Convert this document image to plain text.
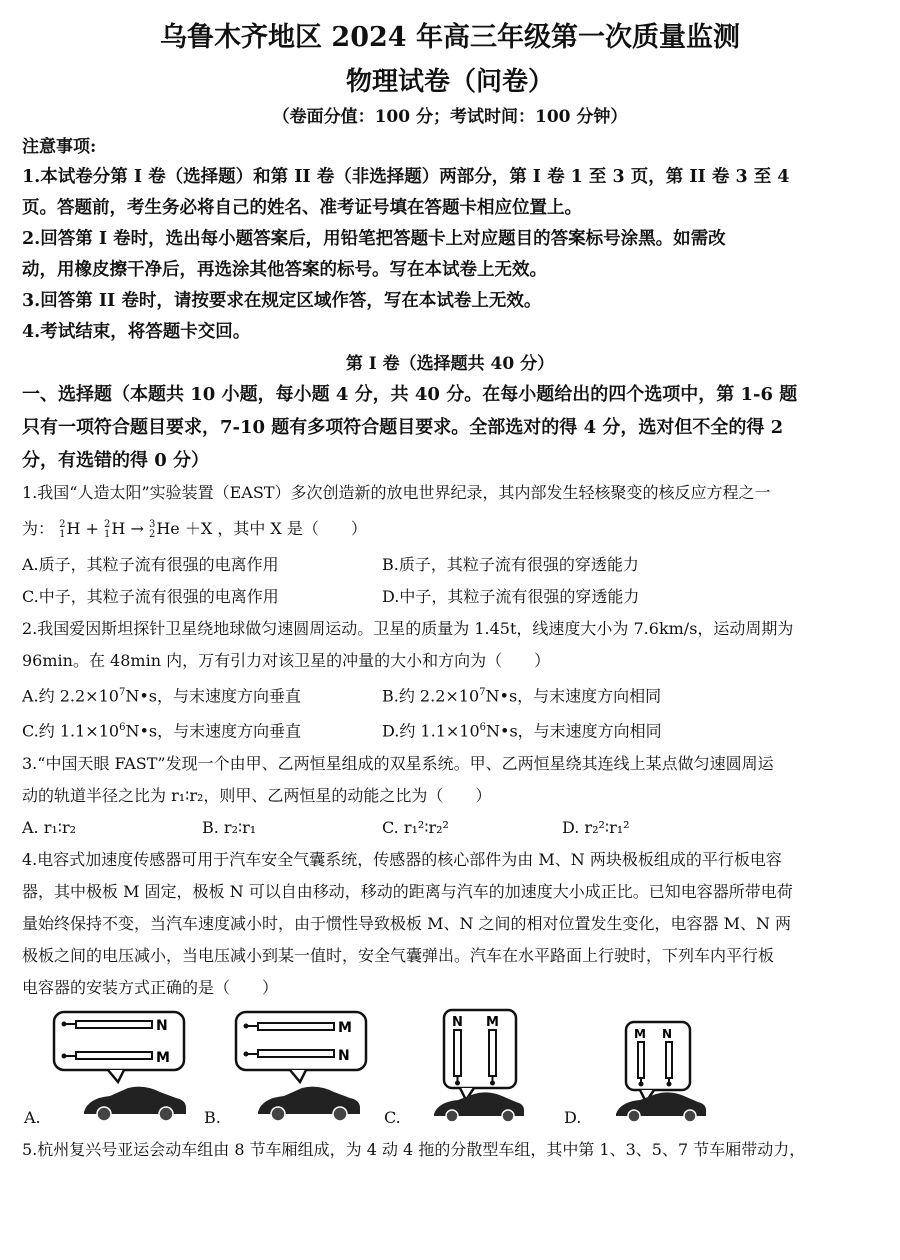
乌鲁木齐地区 2024 年高三年级第一次质量监测
物理试卷（问卷）
（卷面分值：100 分；考试时间：100 分钟）
注意事项:
1.本试卷分第 I 卷（选择题）和第 II 卷（非选择题）两部分，第 I 卷 1 至 3 页，第 II 卷 3 至 4
页。答题前，考生务必将自己的姓名、准考证号填在答题卡相应位置上。
2.回答第 I 卷时，选出每小题答案后，用铅笔把答题卡上对应题目的答案标号涂黑。如需改
动，用橡皮擦干净后，再选涂其他答案的标号。写在本试卷上无效。
3.回答第 II 卷时，请按要求在规定区域作答，写在本试卷上无效。
4.考试结束，将答题卡交回。
第 I 卷（选择题共 40 分）
一、选择题（本题共 10 小题，每小题 4 分，共 40 分。在每小题给出的四个选项中，第 1-6 题
只有一项符合题目要求，7-10 题有多项符合题目要求。全部选对的得 4 分，选对但不全的得 2
分，有选错的得 0 分）
1.我国“人造太阳”实验装置（EAST）多次创造新的放电世界纪录，其内部发生轻核聚变的核反应方程之一
为： 2
1 H + 2
1 H → 3
2 He ＋X ，其中 X 是（　　）
A.质子，其粒子流有很强的电离作用	B.质子，其粒子流有很强的穿透能力
C.中子，其粒子流有很强的电离作用	D.中子，其粒子流有很强的穿透能力
2.我国爱因斯坦探针卫星绕地球做匀速圆周运动。卫星的质量为 1.45t，线速度大小为 7.6km/s，运动周期为
96min。在 48min 内，万有引力对该卫星的冲量的大小和方向为（　　）
A.约 $2.2\times 10^7N•s$，与末速度方向垂直	B.约 $2.2\times 10^7N•s$，与末速度方向相同
C.约 $1.1\times 10^6N•s$，与末速度方向垂直	D.约 $1.1\times 10^6N•s$，与末速度方向相同
3.“中国天眼 FAST”发现一个由甲、乙两恒星组成的双星系统。甲、乙两恒星绕其连线上某点做匀速圆周运
动的轨道半径之比为 r₁∶r₂，则甲、乙两恒星的动能之比为（　　）
A. r₁∶r₂	B. r₂∶r₁	C. r₁²∶r₂²	D. r₂²∶r₁²
4.电容式加速度传感器可用于汽车安全气囊系统，传感器的核心部件为由 M、N 两块极板组成的平行板电容
器，其中极板 M 固定，极板 N 可以自由移动，移动的距离与汽车的加速度大小成正比。已知电容器所带电荷
量始终保持不变，当汽车速度减小时，由于惯性导致极板 M、N 之间的相对位置发生变化，电容器 M、N 两
极板之间的电压减小，当电压减小到某一值时，安全气囊弹出。汽车在水平路面上行驶时，下列车内平行板
电容器的安装方式正确的是（　　）
A.
N
M
B.
M
N
C.
N M
D.
M N
5.杭州复兴号亚运会动车组由 8 节车厢组成，为 4 动 4 拖的分散型车组，其中第 1、3、5、7 节车厢带动力，
